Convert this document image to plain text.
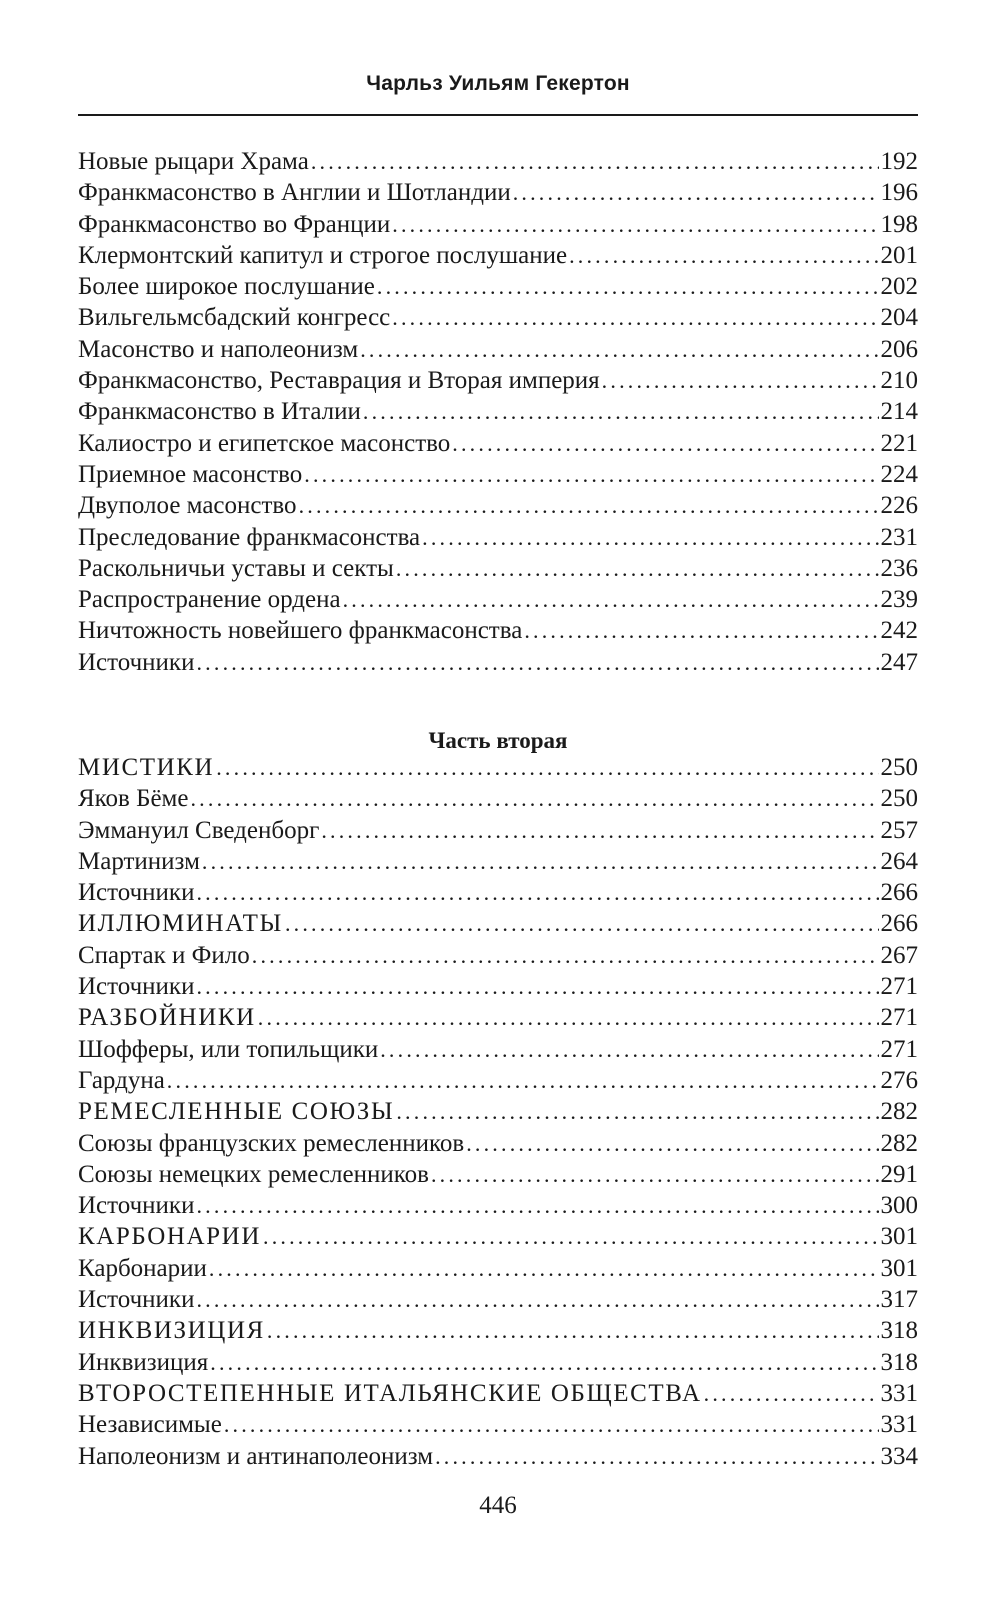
Чарльз Уильям Гекертон
Новые рыцари Храма .....	192
Франкмасонство в Англии и Шотландии .....	196
Франкмасонство во Франции .....	198
Клермонтский капитул и строгое послушание .....	201
Более широкое послушание .....	202
Вильгельмсбадский конгресс .....	204
Масонство и наполеонизм .....	206
Франкмасонство, Реставрация и Вторая империя .....	210
Франкмасонство в Италии .....	214
Калиостро и египетское масонство .....	221
Приемное масонство .....	224
Двуполое масонство .....	226
Преследование франкмасонства .....	231
Раскольничьи уставы и секты .....	236
Распространение ордена .....	239
Ничтожность новейшего франкмасонства .....	242
Источники .....	247
Часть вторая
МИСТИКИ .....	250
Яков Бёме .....	250
Эммануил Сведенборг .....	257
Мартинизм .....	264
Источники .....	266
ИЛЛЮМИНАТЫ .....	266
Спартак и Фило .....	267
Источники .....	271
РАЗБОЙНИКИ .....	271
Шофферы, или топильщики .....	271
Гардуна .....	276
РЕМЕСЛЕННЫЕ СОЮЗЫ .....	282
Союзы французских ремесленников .....	282
Союзы немецких ремесленников .....	291
Источники .....	300
КАРБОНАРИИ .....	301
Карбонарии .....	301
Источники .....	317
ИНКВИЗИЦИЯ .....	318
Инквизиция .....	318
ВТОРОСТЕПЕННЫЕ ИТАЛЬЯНСКИЕ ОБЩЕСТВА .....	331
Независимые .....	331
Наполеонизм и антинаполеонизм .....	334
446
